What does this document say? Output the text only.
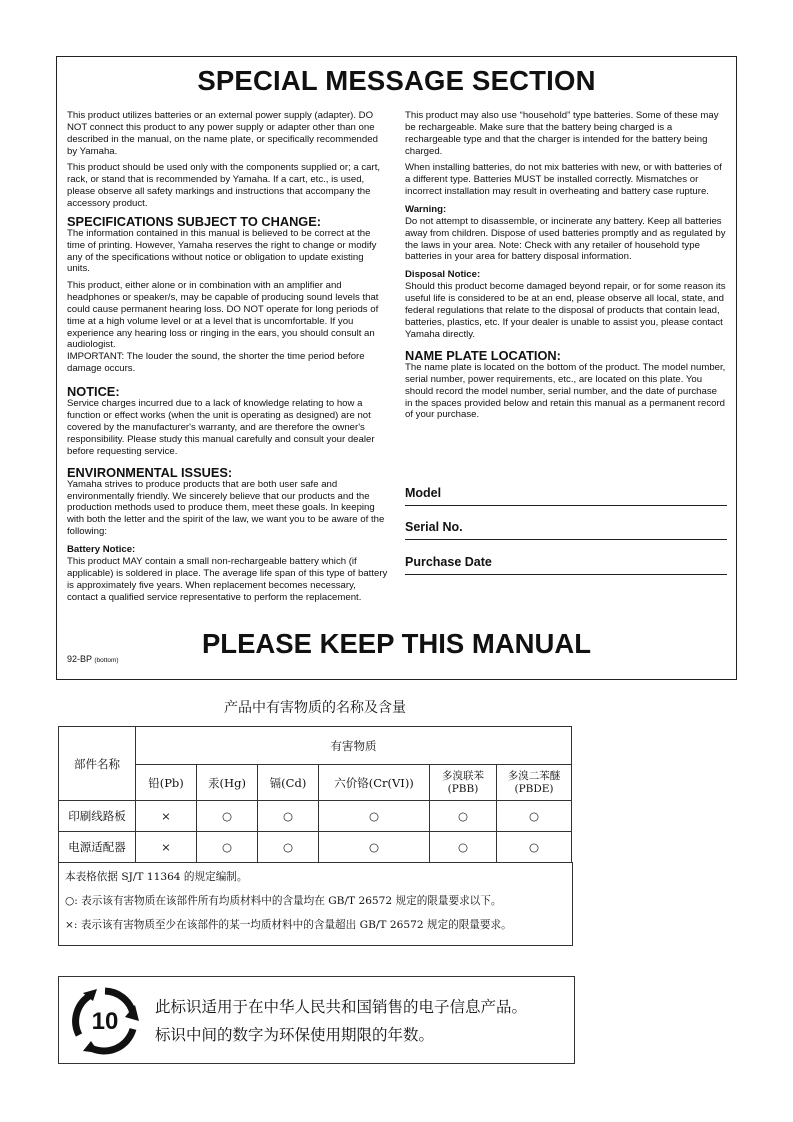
SPECIAL MESSAGE SECTION

This product utilizes batteries or an external power supply (adapter). DO NOT connect this product to any power supply or adapter other than one described in the manual, on the name plate, or specifically recommended by Yamaha.

This product should be used only with the components supplied or; a cart, rack, or stand that is recommended by Yamaha. If a cart, etc., is used, please observe all safety markings and instructions that accompany the accessory product.

SPECIFICATIONS SUBJECT TO CHANGE:

The information contained in this manual is believed to be correct at the time of printing. However, Yamaha reserves the right to change or modify any of the specifications without notice or obligation to update existing units.

This product, either alone or in combination with an amplifier and headphones or speaker/s, may be capable of producing sound levels that could cause permanent hearing loss. DO NOT operate for long periods of time at a high volume level or at a level that is uncomfortable. If you experience any hearing loss or ringing in the ears, you should consult an audiologist.

IMPORTANT: The louder the sound, the shorter the time period before damage occurs.

NOTICE:

Service charges incurred due to a lack of knowledge relating to how a function or effect works (when the unit is operating as designed) are not covered by the manufacturer's warranty, and are therefore the owner's responsibility. Please study this manual carefully and consult your dealer before requesting service.

ENVIRONMENTAL ISSUES:

Yamaha strives to produce products that are both user safe and environmentally friendly. We sincerely believe that our products and the production methods used to produce them, meet these goals. In keeping with both the letter and the spirit of the law, we want you to be aware of the following:

Battery Notice:

This product MAY contain a small non-rechargeable battery which (if applicable) is soldered in place. The average life span of this type of battery is approximately five years. When replacement becomes necessary, contact a qualified service representative to perform the replacement.

This product may also use “household” type batteries. Some of these may be rechargeable. Make sure that the battery being charged is a rechargeable type and that the charger is intended for the battery being charged.

When installing batteries, do not mix batteries with new, or with batteries of a different type. Batteries MUST be installed correctly. Mismatches or incorrect installation may result in overheating and battery case rupture.

Warning:

Do not attempt to disassemble, or incinerate any battery. Keep all batteries away from children. Dispose of used batteries promptly and as regulated by the laws in your area. Note: Check with any retailer of household type batteries in your area for battery disposal information.

Disposal Notice:

Should this product become damaged beyond repair, or for some reason its useful life is considered to be at an end, please observe all local, state, and federal regulations that relate to the disposal of products that contain lead, batteries, plastics, etc. If your dealer is unable to assist you, please contact Yamaha directly.

NAME PLATE LOCATION:

The name plate is located on the bottom of the product. The model number, serial number, power requirements, etc., are located on this plate. You should record the model number, serial number, and the date of purchase in the spaces provided below and retain this manual as a permanent record of your purchase.

Model
Serial No.
Purchase Date
PLEASE KEEP THIS MANUAL
92-BP (bottom)
产品中有害物质的名称及含量
部件名称	有害物质					
	铅(Pb)	汞(Hg)	镉(Cd)	六价铬(Cr(VI))	多溴联苯
(PBB)	多溴二苯醚
(PBDE)
印刷线路板	×	○	○	○	○	○
电源适配器	×	○	○	○	○	○
本表格依据 SJ/T 11364 的规定编制。
○: 表示该有害物质在该部件所有均质材料中的含量均在 GB/T 26572 规定的限量要求以下。
×: 表示该有害物质至少在该部件的某一均质材料中的含量超出 GB/T 26572 规定的限量要求。
10
此标识适用于在中华人民共和国销售的电子信息产品。
标识中间的数字为环保使用期限的年数。
